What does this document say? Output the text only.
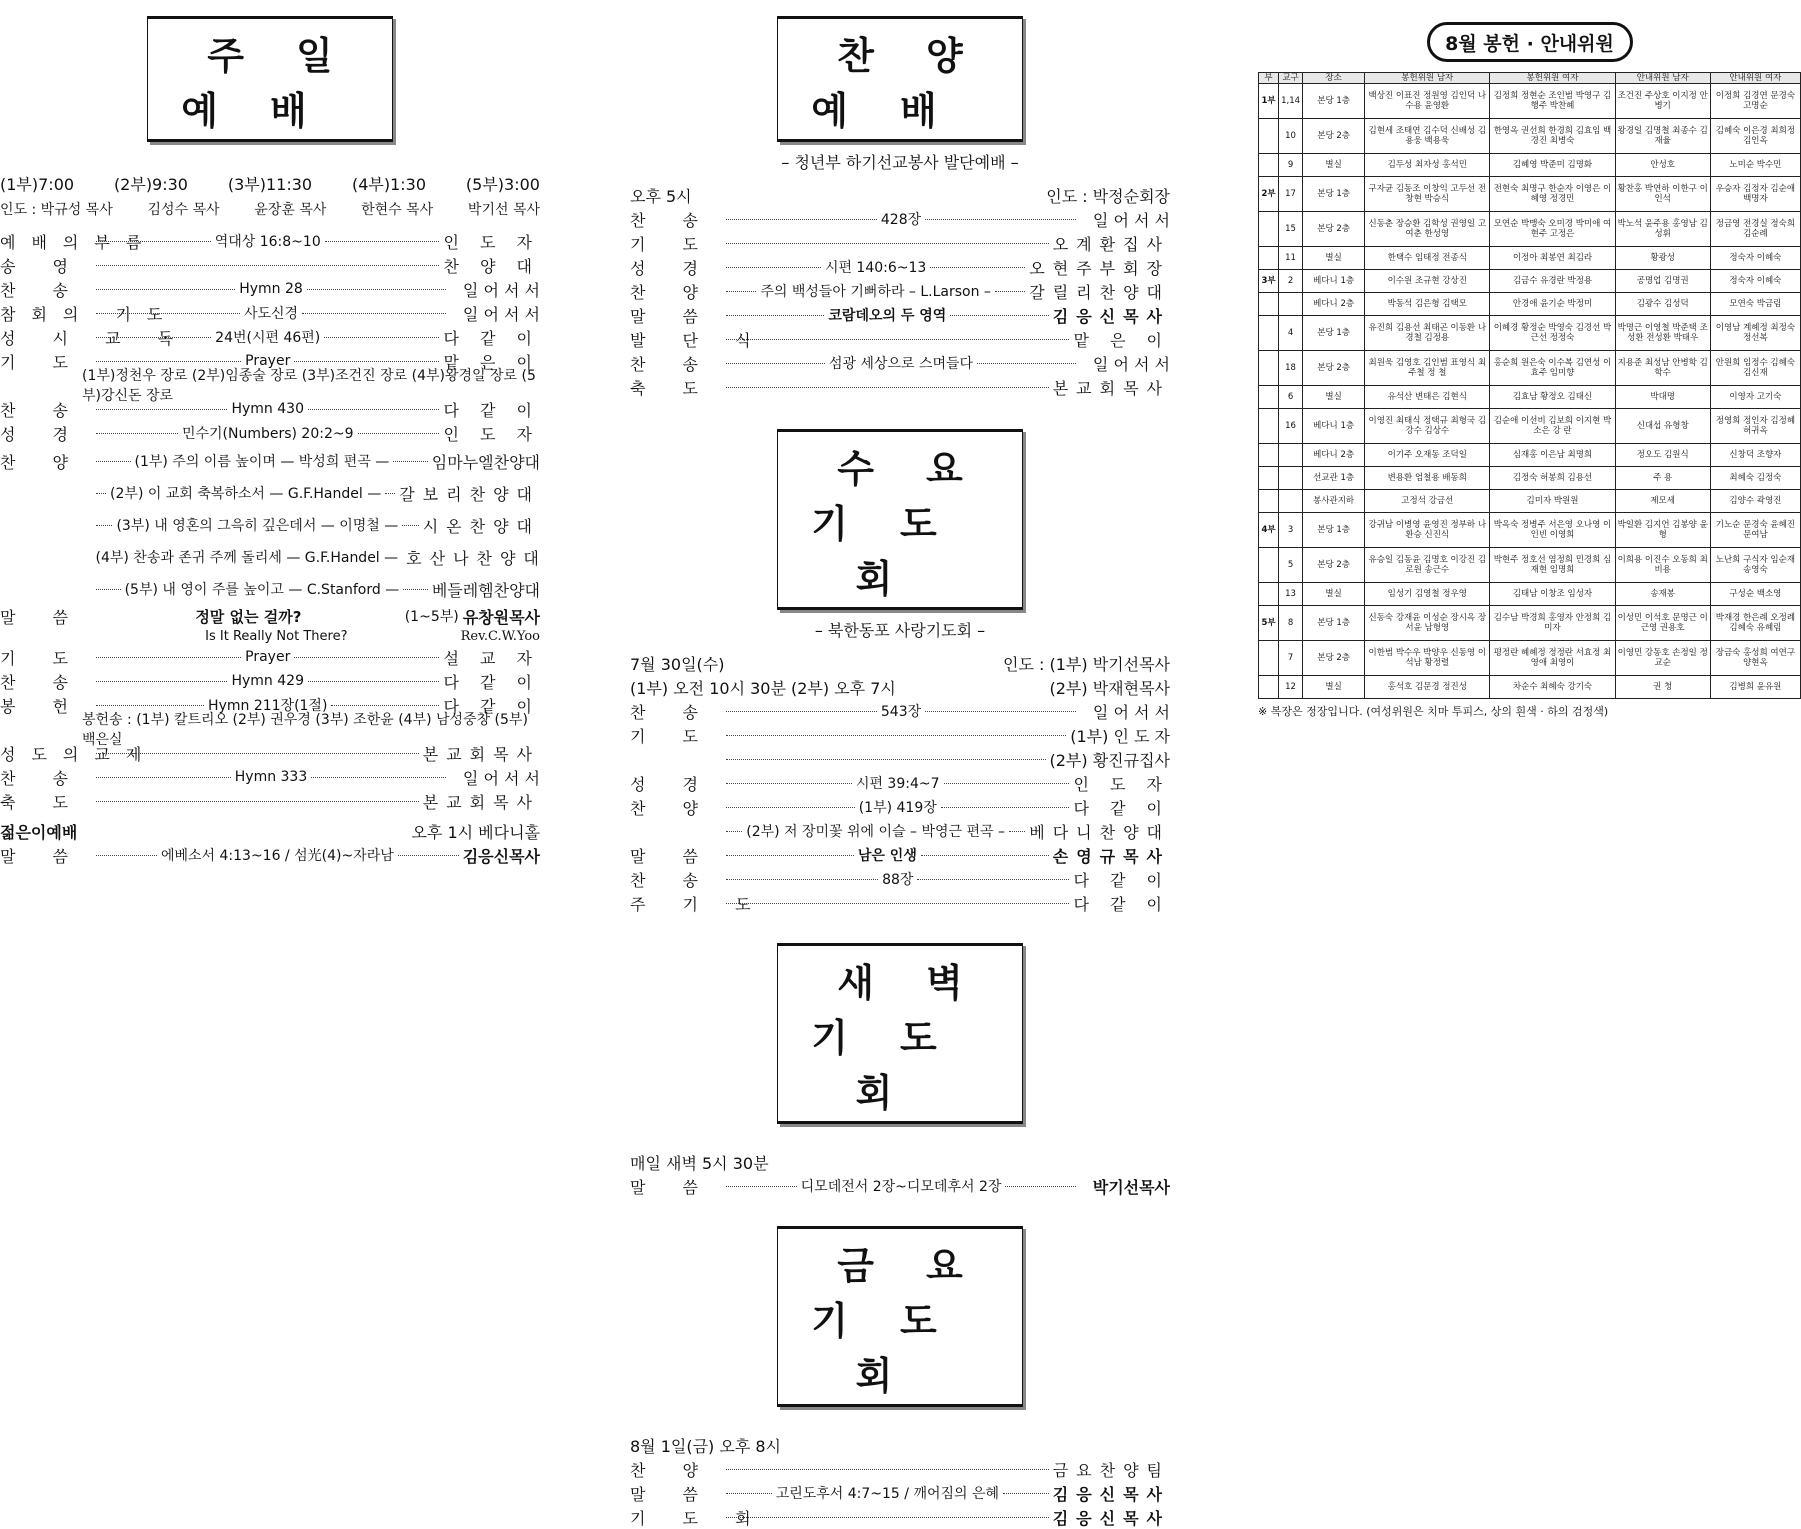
주일예배
(1부)7:00 (2부)9:30 (3부)11:30 (4부)1:30 (5부)3:00
인도 : 박규성 목사 김성수 목사 윤장훈 목사 한현수 목사 박기선 목사
예배의부름	역대상 16:8~10	인 도 자
송 영	찬 양 대
찬 송	Hymn 28	일 어 서 서
참회의 기도	사도신경	일 어 서 서
성 시 교 독 24번(시편 46편)	다 같 이
기 도	Prayer	맡 은 이
(1부)정천우 장로 (2부)임종술 장로 (3부)조건진 장로 (4부)왕경일 장로 (5부)강신돈 장로
찬 송	Hymn 430	다 같 이
성 경	민수기(Numbers) 20:2~9	인 도 자
찬 양	(1부) 주의 이름 높이며 — 박성희 편곡 —	임마누엘찬양대
(2부) 이 교회 축복하소서 — G.F.Handel — 갈보리찬양대
(3부) 내 영혼의 그윽히 깊은데서 — 이명철 — 시온찬양대
(4부) 찬송과 존귀 주께 돌리세 — G.F.Handel — 호산나찬양대
(5부) 내 영이 주를 높이고 — C.Stanford — 베들레헴찬양대
말 씀	정말 없는 걸까?	(1~5부) 유창원목사
Is It Really Not There?	Rev.C.W.Yoo
기 도	Prayer	설 교 자
찬 송	Hymn 429	다 같 이
봉 헌	Hymn 211장(1절)	다 같 이
봉헌송 : (1부) 칼트리오 (2부) 권우경 (3부) 조한윤 (4부) 남성중창 (5부) 백은실
성도의교제	본교회목사
찬 송	Hymn 333	일 어 서 서
축 도	본교회목사
젊은이예배	오후 1시 베다니홀
말 씀	에베소서 4:13~16 / 섬光(4)~자라남	김응신목사
찬양예배
– 청년부 하기선교봉사 발단예배 –
오후 5시	인도 : 박정순회장
찬 송	428장	일 어 서 서
기 도	오계환집사
성 경	시편 140:6~13	오현주부회장
찬 양	주의 백성들아 기뻐하라 – L.Larson – 갈릴리찬양대
말 씀	코람데오의 두 영역	김응신목사
발 단 식	맡 은 이
찬 송	섬광 세상으로 스며들다	일 어 서 서
축 도	본교회목사
수요기도회
– 북한동포 사랑기도회 –
7월 30일(수)	인도 : (1부) 박기선목사
(1부) 오전 10시 30분 (2부) 오후 7시	(2부) 박재현목사
찬 송	543장	일 어 서 서
기 도	(1부) 인 도 자
(2부) 황진규집사
성 경	시편 39:4~7	인 도 자
찬 양	(1부) 419장	다 같 이
(2부) 저 장미꽃 위에 이슬 – 박영근 편곡 – 베다니찬양대
말 씀	남은 인생	손영규목사
찬 송	88장	다 같 이
주 기 도	다 같 이
새벽기도회
매일 새벽 5시 30분
말 씀	디모데전서 2장~디모데후서 2장	박기선목사
금요기도회
8월 1일(금) 오후 8시
찬 양	금요찬양팀
말 씀	고린도후서 4:7~15 / 깨어짐의 은혜	김응신목사
기 도 회	김응신목사
8월 봉헌 · 안내위원
부	교구	장소	봉헌위원 남자	봉헌위원 여자	안내위원 남자	안내위원 여자
1부	1,14	본당 1층	백상진 이표진 정원영 김인덕 나수용 윤영환	김정희 정현순 조인범 박영구 김행주 박찬혜	조건진 주상호 이지정 안병기	이정희 김경연 문경숙 고명순
	10	본당 2층	김현세 조태연 김수덕 신배성 김용웅 백용욱	한영옥 권선희 한경희 김효임 백경진 최병숙	왕경일 김명철 최종수 김재율	김혜숙 이은경 최희정 김인옥
	9	별실	김두성 최자성 홍석민	김혜영 박준미 김명화	안성호	노미순 박수민
2부	17	본당 1층	구자균 김동조 이창익 고두선 전창현 박승식	전현숙 최명구 한순자 이영은 이혜영 정경민	황찬홍 박연하 이한구 이인석	우승자 김정자 김순애 백명자
	15	본당 2층	신동춘 장승환 김학성 권영일 고여춘 한성영	모연순 박맹숙 오미경 박미애 여현주 고정은	박노석 윤주용 홍영남 김성휘	정금영 전경실 정숙희 김순례
	11	별실	한택수 임태정 전종식	이정아 최봉연 최김라	황광성	정숙자 이혜숙
3부	2	베다니 1층	이수원 조규현 강상진	김금수 유경란 박정용	공명업 김명권	정숙자 이혜숙
		베다니 2층	박동석 김은형 김택모	안경애 윤기순 박정미	김광수 김성덕	모연숙 박금림
	4	본당 1층	유진희 김용선 최태곤 이동환 나경철 김정용	이혜경 황정순 박영숙 김경선 박근선 정정숙	박명근 이영철 박준택 조성환 전성환 박태우	이영남 계혜정 최정숙 정선복
	18	본당 2층	최원욱 김영호 김인범 표영식 최주철 정 철	홍순희 원은숙 이수복 김연성 이효주 임미향	지용준 최성남 안병학 김학수	안원희 임정수 김혜숙 김신재
	6	별실	유석산 변태은 김현식	김효남 황정오 김태신	박대명	이영자 고기숙
	16	베다니 1층	이영진 최태식 정택규 최형국 김강수 김상수	김순애 이선비 김보희 이지현 박소은 강 란	신대섭 유형창	정영희 정인자 김정혜 허귀옥
		베다니 2층	이기주 오재동 조덕일	심재홍 이은남 최명희	정오도 김원식	신창덕 조향자
		선교관 1층	변용환 엄철용 배동희	김정숙 허봉희 김용선	주 용	최혜숙 김정숙
		봉사관지하	고정석 강금선	김미자 박원원	제모세	김양수 곽영진
4부	3	본당 1층	강귀남 이병영 윤영진 정부하 나환승 신진식	박옥숙 정병주 서은영 오나영 이인빈 이영희	박일환 김지언 김봉양 윤 형	기노순 문경숙 윤혜진 문여남
	5	본당 2층	유승일 김동윤 김명호 이강진 김로원 송근수	박현주 정호선 염정희 민경희 심재현 임명희	이희용 이진수 오동희 최비용	노난희 구식자 임순재 송영숙
	13	별실	임성기 김영철 정우영	김태남 이창조 임성자	송재봉	구성순 백소영
5부	8	본당 1층	신동숙 강재윤 이성순 장시옥 장서윤 남형영	김수남 박경희 홍영자 안정희 김미자	이성민 이석호 문명근 이근영 권용호	박재경 한은례 오정례 김혜숙 유혜림
	7	본당 2층	이한범 박수우 박양우 신동영 이석남 황정렬	평정란 혜혜정 정정란 서효정 최영애 최영이	이영민 강동호 손정일 정교순	장금숙 홍성희 여연구 양현옥
	12	별실	홍석호 김문경 정진성	차순수 최혜숙 강기숙	권 청	김병희 윤유원
※ 복장은 정장입니다. (여성위원은 치마 투피스, 상의 흰색 · 하의 검정색)
